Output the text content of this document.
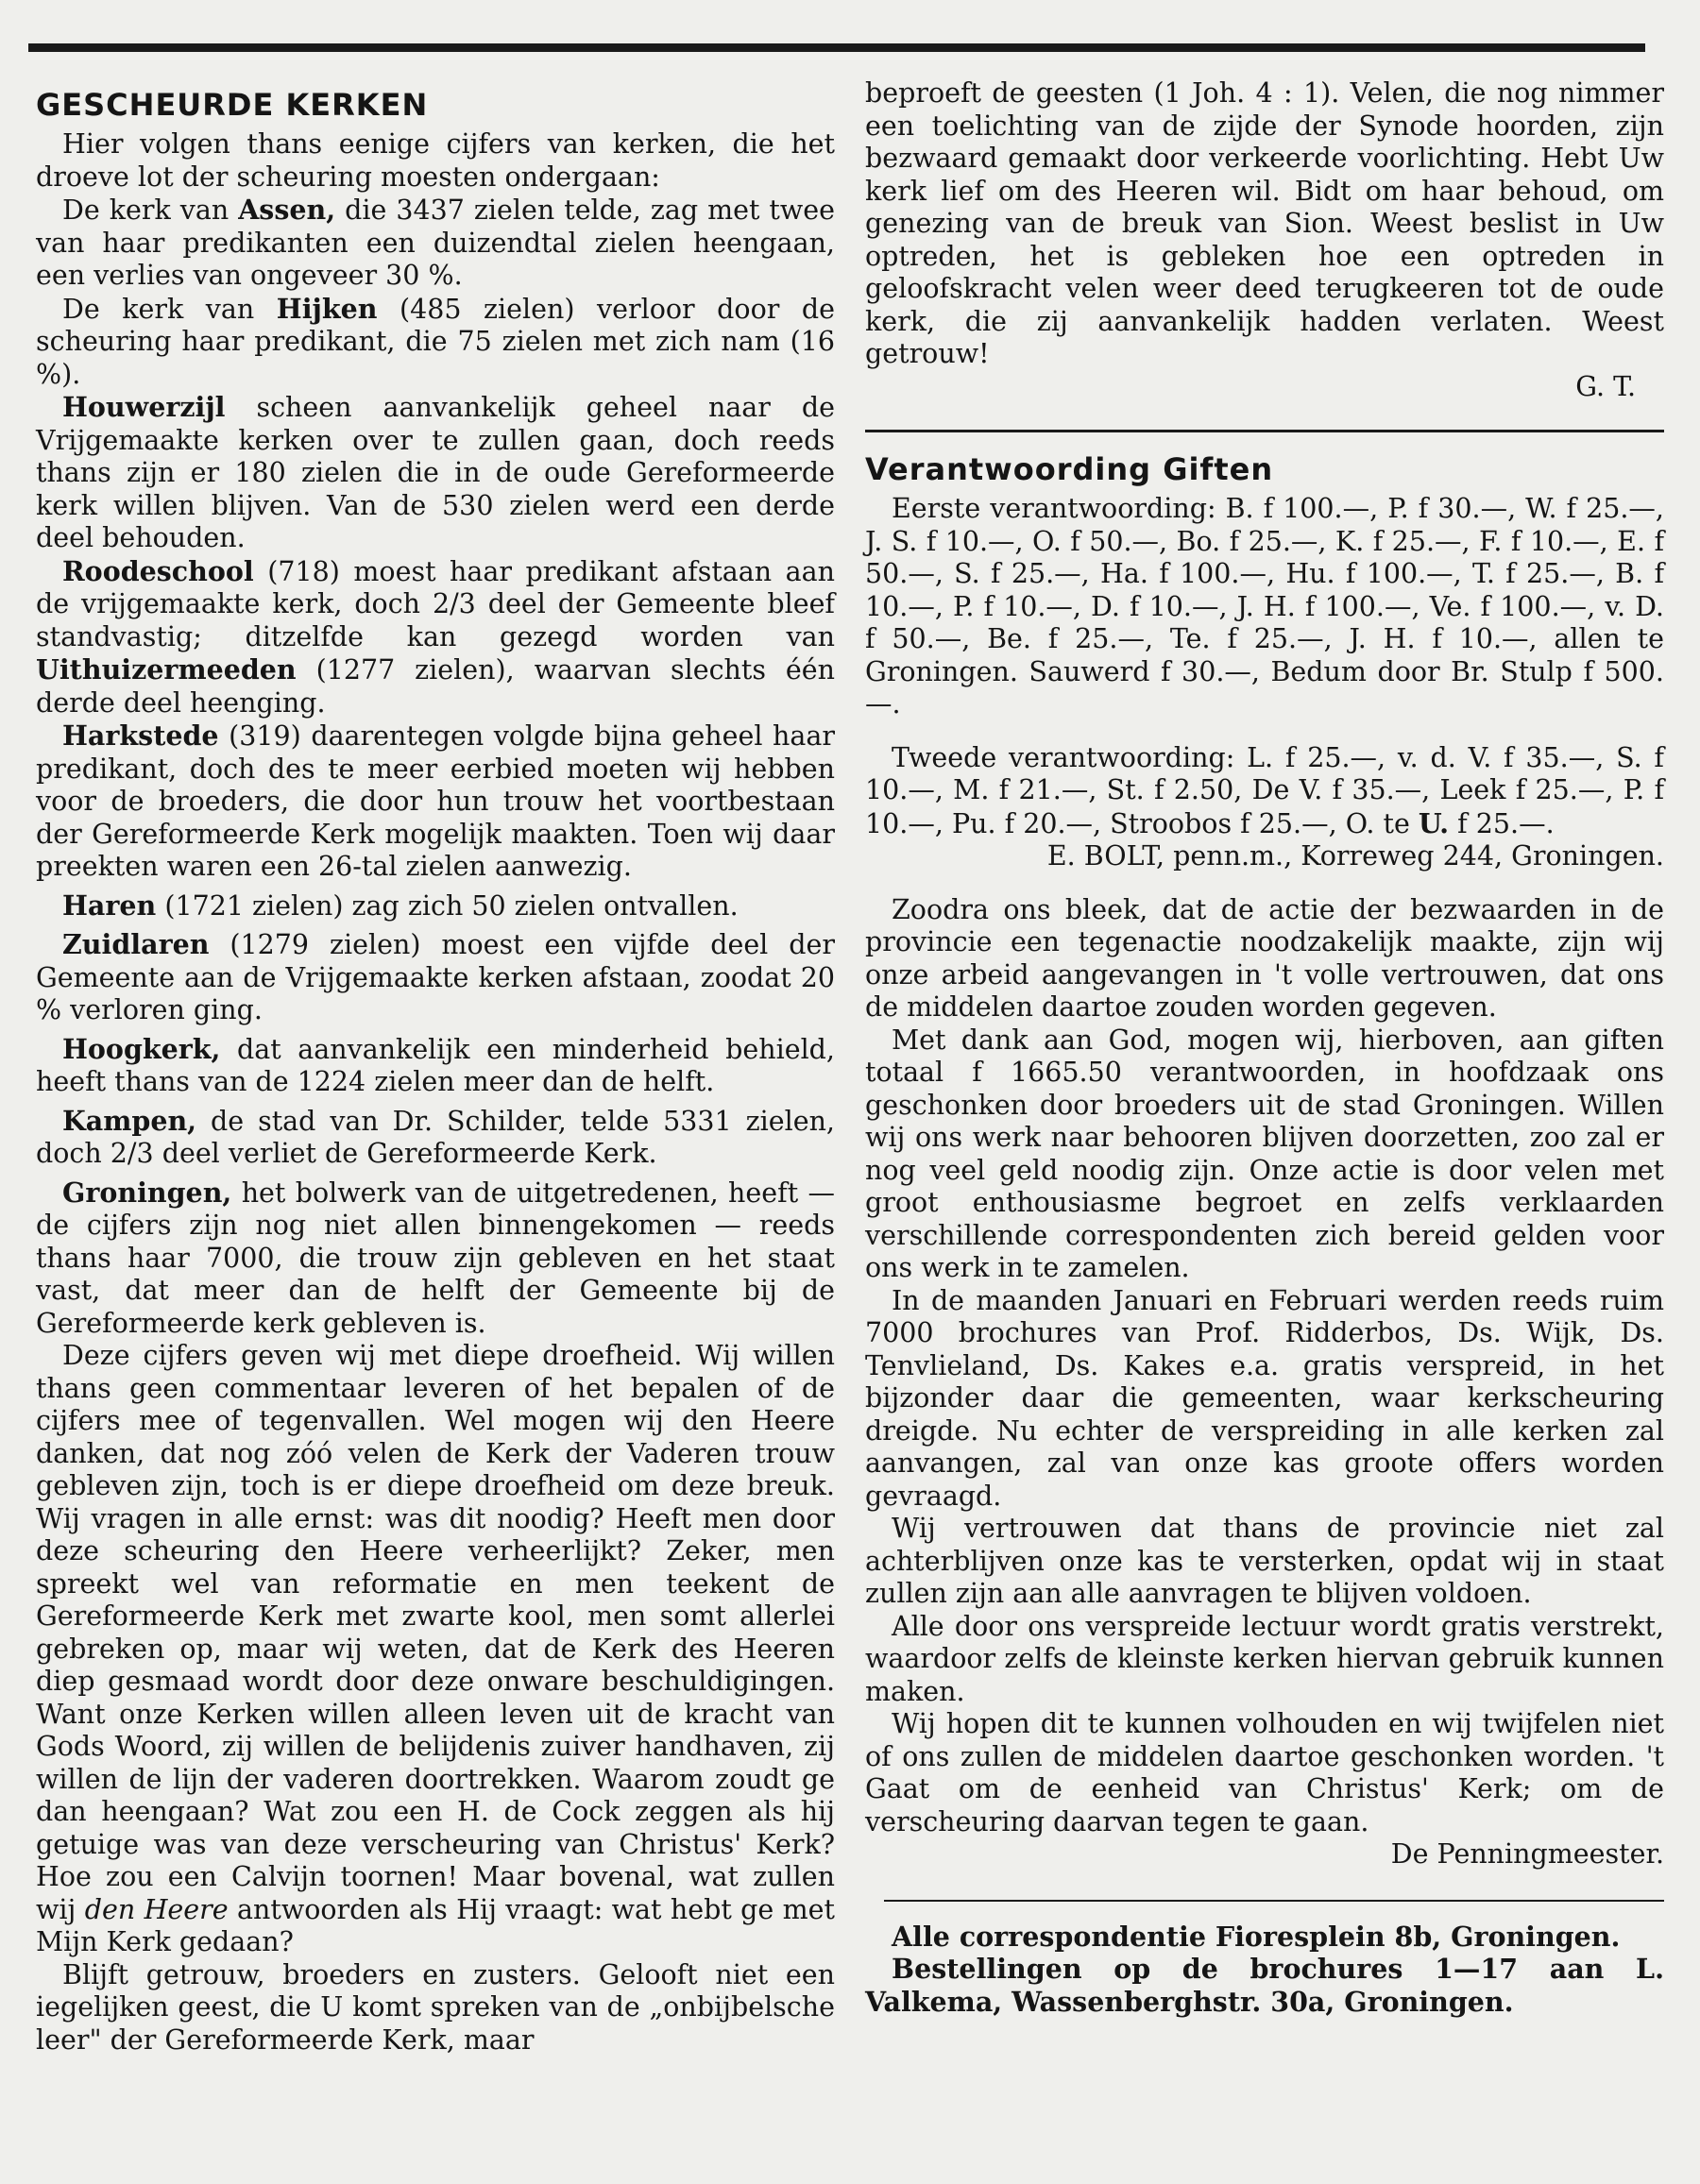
GESCHEURDE KERKEN

Hier volgen thans eenige cijfers van kerken, die het droeve lot der scheuring moesten ondergaan:

De kerk van Assen, die 3437 zielen telde, zag met twee van haar predikanten een duizendtal zielen heengaan, een verlies van ongeveer 30 %.

De kerk van Hijken (485 zielen) verloor door de scheuring haar predikant, die 75 zielen met zich nam (16 %).

Houwerzijl scheen aanvankelijk geheel naar de Vrijgemaakte kerken over te zullen gaan, doch reeds thans zijn er 180 zielen die in de oude Gereformeerde kerk willen blijven. Van de 530 zielen werd een derde deel behouden.

Roodeschool (718) moest haar predikant afstaan aan de vrijgemaakte kerk, doch 2/3 deel der Gemeente bleef standvastig; ditzelfde kan gezegd worden van Uithuizermeeden (1277 zielen), waarvan slechts één derde deel heenging.

Harkstede (319) daarentegen volgde bijna geheel haar predikant, doch des te meer eerbied moeten wij hebben voor de broeders, die door hun trouw het voortbestaan der Gereformeerde Kerk mogelijk maakten. Toen wij daar preekten waren een 26-tal zielen aanwezig.

Haren (1721 zielen) zag zich 50 zielen ontvallen.

Zuidlaren (1279 zielen) moest een vijfde deel der Gemeente aan de Vrijgemaakte kerken afstaan, zoodat 20 % verloren ging.

Hoogkerk, dat aanvankelijk een minderheid behield, heeft thans van de 1224 zielen meer dan de helft.

Kampen, de stad van Dr. Schilder, telde 5331 zielen, doch 2/3 deel verliet de Gereformeerde Kerk.

Groningen, het bolwerk van de uitgetredenen, heeft — de cijfers zijn nog niet allen binnengekomen — reeds thans haar 7000, die trouw zijn gebleven en het staat vast, dat meer dan de helft der Gemeente bij de Gereformeerde kerk gebleven is.

Deze cijfers geven wij met diepe droefheid. Wij willen thans geen commentaar leveren of het bepalen of de cijfers mee of tegenvallen. Wel mogen wij den Heere danken, dat nog zóó velen de Kerk der Vaderen trouw gebleven zijn, toch is er diepe droefheid om deze breuk. Wij vragen in alle ernst: was dit noodig? Heeft men door deze scheuring den Heere verheerlijkt? Zeker, men spreekt wel van reformatie en men teekent de Gereformeerde Kerk met zwarte kool, men somt allerlei gebreken op, maar wij weten, dat de Kerk des Heeren diep gesmaad wordt door deze onware beschuldigingen. Want onze Kerken willen alleen leven uit de kracht van Gods Woord, zij willen de belijdenis zuiver handhaven, zij willen de lijn der vaderen doortrekken. Waarom zoudt ge dan heengaan? Wat zou een H. de Cock zeggen als hij getuige was van deze verscheuring van Christus' Kerk? Hoe zou een Calvijn toornen! Maar bovenal, wat zullen wij den Heere antwoorden als Hij vraagt: wat hebt ge met Mijn Kerk gedaan?

Blijft getrouw, broeders en zusters. Gelooft niet een iegelijken geest, die U komt spreken van de „onbijbelsche leer" der Gereformeerde Kerk, maar

beproeft de geesten (1 Joh. 4 : 1). Velen, die nog nimmer een toelichting van de zijde der Synode hoorden, zijn bezwaard gemaakt door verkeerde voorlichting. Hebt Uw kerk lief om des Heeren wil. Bidt om haar behoud, om genezing van de breuk van Sion. Weest beslist in Uw optreden, het is gebleken hoe een optreden in geloofskracht velen weer deed terugkeeren tot de oude kerk, die zij aanvankelijk hadden verlaten. Weest getrouw!

G. T.

Verantwoording Giften

Eerste verantwoording: B. f 100.—, P. f 30.—, W. f 25.—, J. S. f 10.—, O. f 50.—, Bo. f 25.—, K. f 25.—, F. f 10.—, E. f 50.—, S. f 25.—, Ha. f 100.—, Hu. f 100.—, T. f 25.—, B. f 10.—, P. f 10.—, D. f 10.—, J. H. f 100.—, Ve. f 100.—, v. D. f 50.—, Be. f 25.—, Te. f 25.—, J. H. f 10.—, allen te Groningen. Sauwerd f 30.—, Bedum door Br. Stulp f 500.—.

Tweede verantwoording: L. f 25.—, v. d. V. f 35.—, S. f 10.—, M. f 21.—, St. f 2.50, De V. f 35.—, Leek f 25.—, P. f 10.—, Pu. f 20.—, Stroobos f 25.—, O. te U. f 25.—.

E. BOLT, penn.m., Korreweg 244, Groningen.

Zoodra ons bleek, dat de actie der bezwaarden in de provincie een tegenactie noodzakelijk maakte, zijn wij onze arbeid aangevangen in 't volle vertrouwen, dat ons de middelen daartoe zouden worden gegeven.

Met dank aan God, mogen wij, hierboven, aan giften totaal f 1665.50 verantwoorden, in hoofdzaak ons geschonken door broeders uit de stad Groningen. Willen wij ons werk naar behooren blijven doorzetten, zoo zal er nog veel geld noodig zijn. Onze actie is door velen met groot enthousiasme begroet en zelfs verklaarden verschillende correspondenten zich bereid gelden voor ons werk in te zamelen.

In de maanden Januari en Februari werden reeds ruim 7000 brochures van Prof. Ridderbos, Ds. Wijk, Ds. Tenvlieland, Ds. Kakes e.a. gratis verspreid, in het bijzonder daar die gemeenten, waar kerkscheuring dreigde. Nu echter de verspreiding in alle kerken zal aanvangen, zal van onze kas groote offers worden gevraagd.

Wij vertrouwen dat thans de provincie niet zal achterblijven onze kas te versterken, opdat wij in staat zullen zijn aan alle aanvragen te blijven voldoen.

Alle door ons verspreide lectuur wordt gratis verstrekt, waardoor zelfs de kleinste kerken hiervan gebruik kunnen maken.

Wij hopen dit te kunnen volhouden en wij twijfelen niet of ons zullen de middelen daartoe geschonken worden. 't Gaat om de eenheid van Christus' Kerk; om de verscheuring daarvan tegen te gaan.

De Penningmeester.

Alle correspondentie Fioresplein 8b, Groningen.

Bestellingen op de brochures 1—17 aan L. Valkema, Wassenberghstr. 30a, Groningen.
